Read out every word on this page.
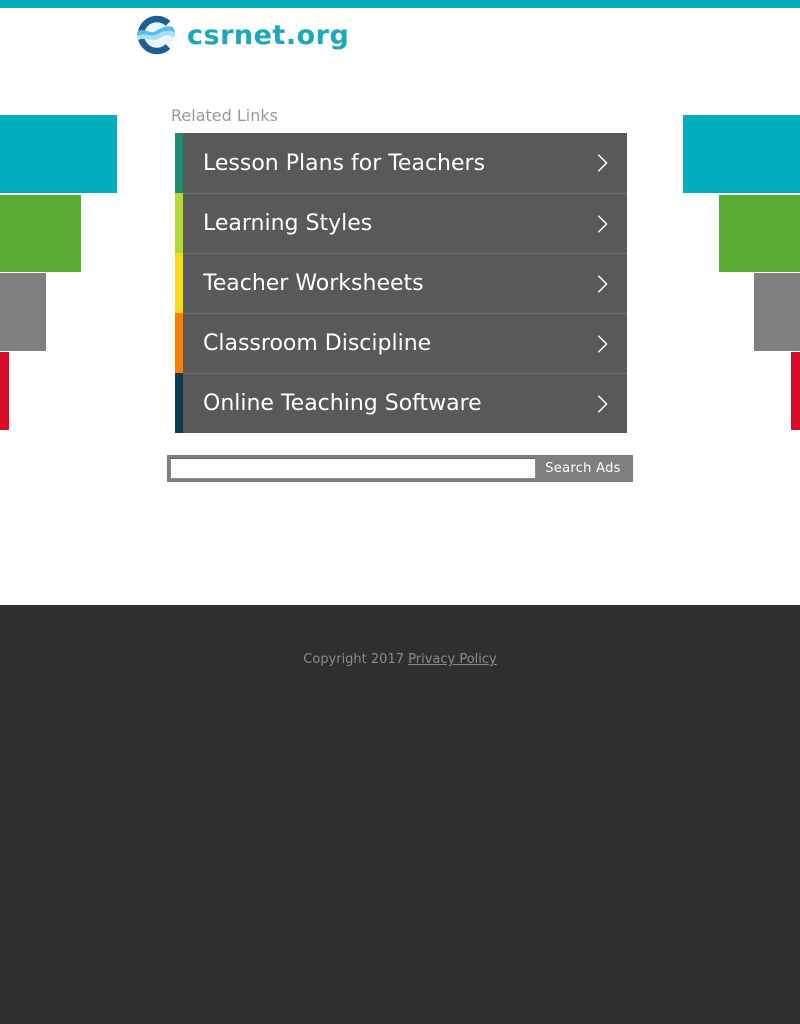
csrnet.org
Related Links
Lesson Plans for Teachers
Learning Styles
Teacher Worksheets
Classroom Discipline
Online Teaching Software
Search Ads
Copyright 2017 Privacy Policy
